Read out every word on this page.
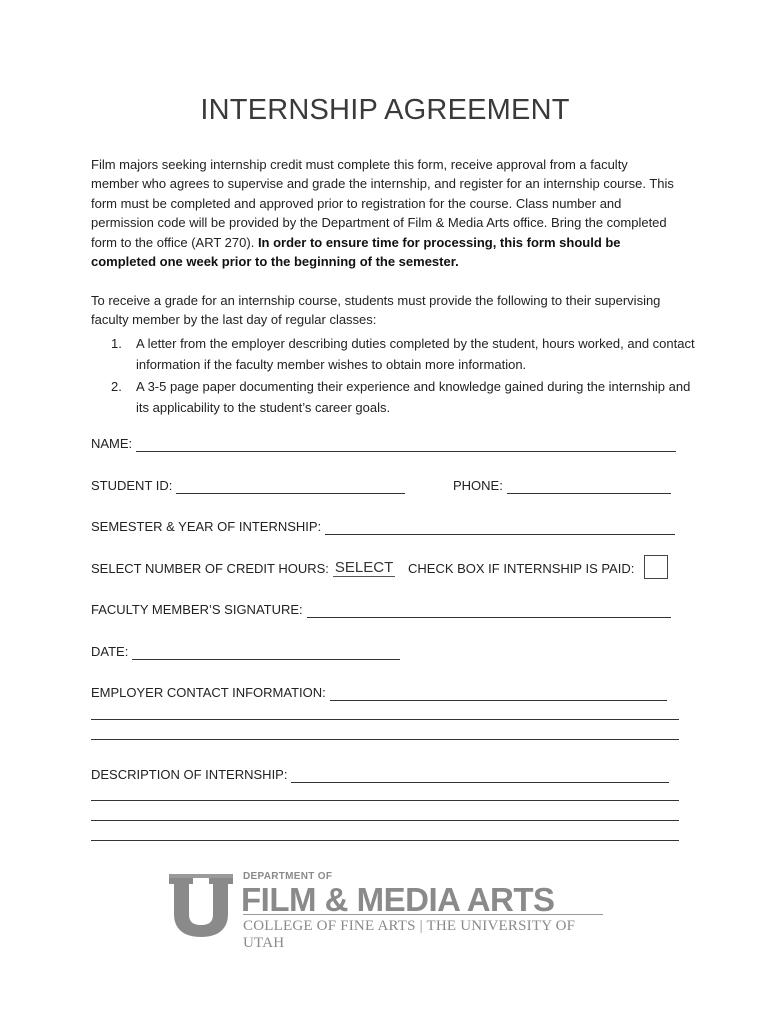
INTERNSHIP AGREEMENT
Film majors seeking internship credit must complete this form, receive approval from a faculty member who agrees to supervise and grade the internship, and register for an internship course. This form must be completed and approved prior to registration for the course. Class number and permission code will be provided by the Department of Film & Media Arts office. Bring the completed form to the office (ART 270). In order to ensure time for processing, this form should be completed one week prior to the beginning of the semester.
To receive a grade for an internship course, students must provide the following to their supervising faculty member by the last day of regular classes:
1. A letter from the employer describing duties completed by the student, hours worked, and contact information if the faculty member wishes to obtain more information.
2. A 3-5 page paper documenting their experience and knowledge gained during the internship and its applicability to the student’s career goals.
NAME:
STUDENT ID:	PHONE:
SEMESTER & YEAR OF INTERNSHIP:
SELECT NUMBER OF CREDIT HOURS: SELECT CHECK BOX IF INTERNSHIP IS PAID:
FACULTY MEMBER’S SIGNATURE:
DATE:
EMPLOYER CONTACT INFORMATION:
DESCRIPTION OF INTERNSHIP:
DEPARTMENT OF
FILM & MEDIA ARTS
COLLEGE OF FINE ARTS | THE UNIVERSITY OF UTAH
